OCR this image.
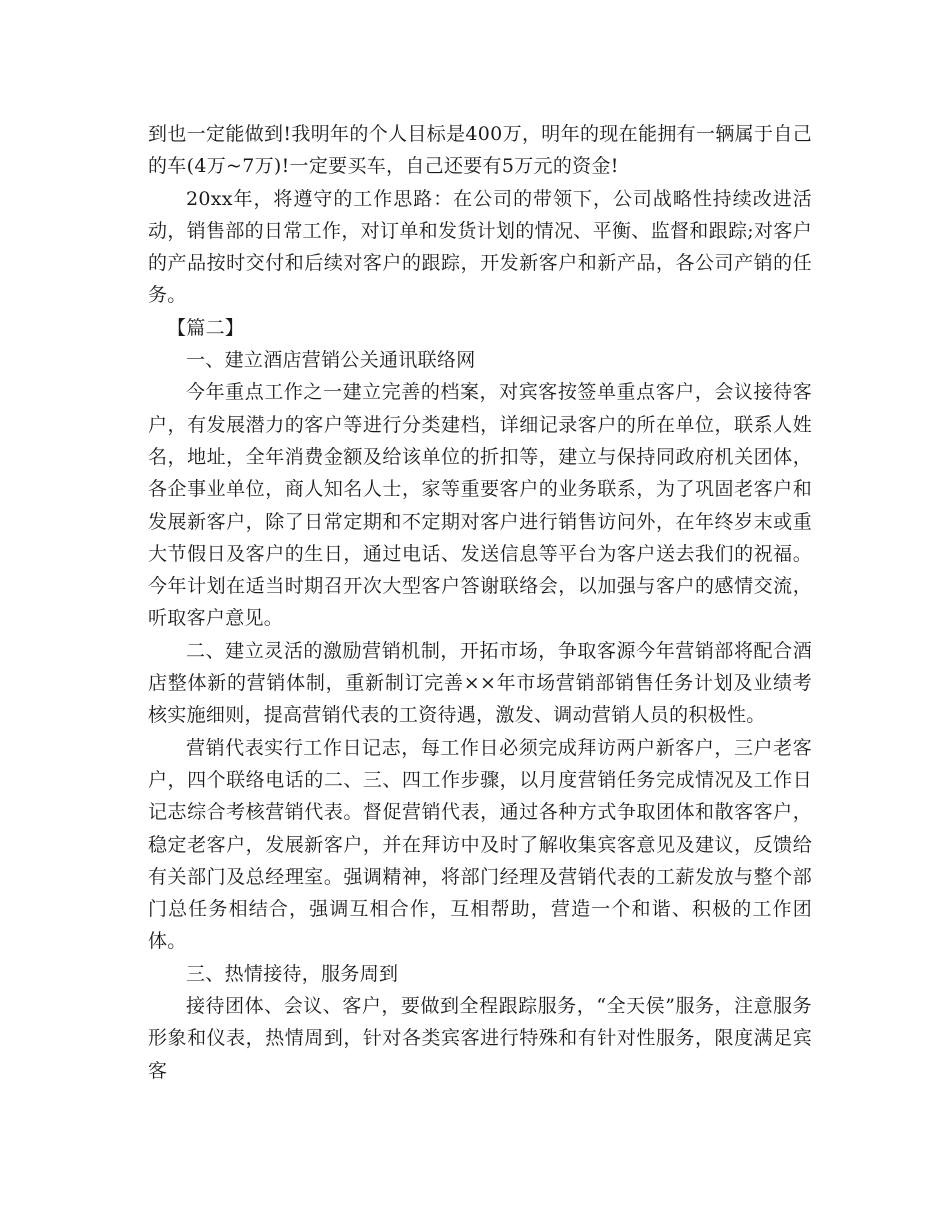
到也一定能做到!我明年的个人目标是400万，明年的现在能拥有一辆属于自己的车(4万~7万)!一定要买车，自己还要有5万元的资金!

20xx年，将遵守的工作思路：在公司的带领下，公司战略性持续改进活动，销售部的日常工作，对订单和发货计划的情况、平衡、监督和跟踪;对客户的产品按时交付和后续对客户的跟踪，开发新客户和新产品，各公司产销的任务。

【篇二】

一、建立酒店营销公关通讯联络网

今年重点工作之一建立完善的档案，对宾客按签单重点客户，会议接待客户，有发展潜力的客户等进行分类建档，详细记录客户的所在单位，联系人姓名，地址，全年消费金额及给该单位的折扣等，建立与保持同政府机关团体，各企事业单位，商人知名人士，家等重要客户的业务联系，为了巩固老客户和发展新客户，除了日常定期和不定期对客户进行销售访问外，在年终岁末或重大节假日及客户的生日，通过电话、发送信息等平台为客户送去我们的祝福。今年计划在适当时期召开次大型客户答谢联络会，以加强与客户的感情交流，听取客户意见。

二、建立灵活的激励营销机制，开拓市场，争取客源今年营销部将配合酒店整体新的营销体制，重新制订完善××年市场营销部销售任务计划及业绩考核实施细则，提高营销代表的工资待遇，激发、调动营销人员的积极性。

营销代表实行工作日记志，每工作日必须完成拜访两户新客户，三户老客户，四个联络电话的二、三、四工作步骤，以月度营销任务完成情况及工作日记志综合考核营销代表。督促营销代表，通过各种方式争取团体和散客客户，稳定老客户，发展新客户，并在拜访中及时了解收集宾客意见及建议，反馈给有关部门及总经理室。强调精神，将部门经理及营销代表的工薪发放与整个部门总任务相结合，强调互相合作，互相帮助，营造一个和谐、积极的工作团体。

三、热情接待，服务周到

接待团体、会议、客户，要做到全程跟踪服务，“全天侯”服务，注意服务形象和仪表，热情周到，针对各类宾客进行特殊和有针对性服务，限度满足宾客
